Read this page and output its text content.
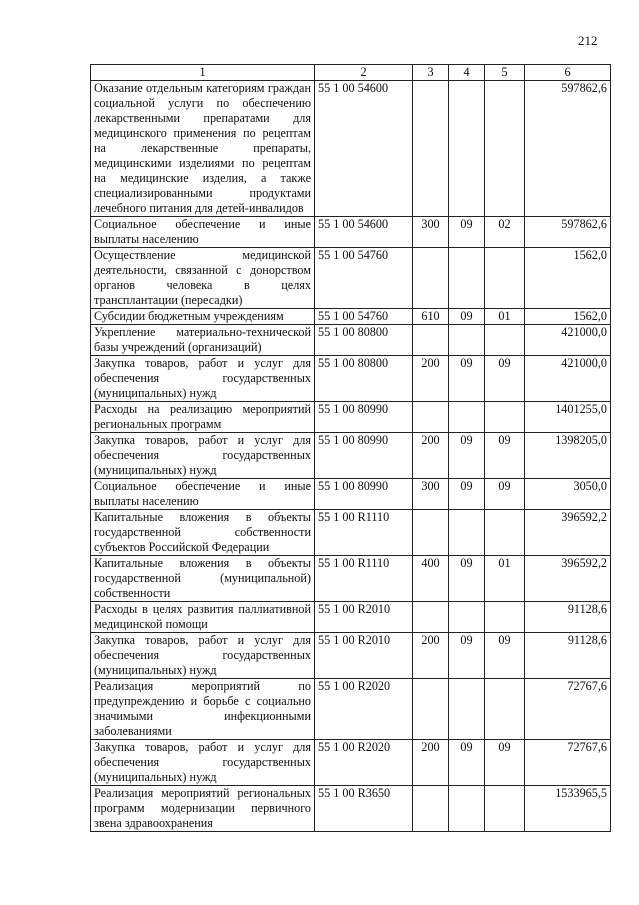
212
1	2	3	4	5	6
Оказание отдельным категориям граждан социальной услуги по обеспечению лекарственными препаратами для медицинского применения по рецептам на лекарственные препараты, медицинскими изделиями по рецептам на медицинские изделия, а также специализированными продуктами лечебного питания для детей-инвалидов	55 1 00 54600				597862,6
Социальное обеспечение и иные выплаты населению	55 1 00 54600	300	09	02	597862,6
Осуществление медицинской деятельности, связанной с донорством органов человека в целях трансплантации (пересадки)	55 1 00 54760				1562,0
Субсидии бюджетным учреждениям	55 1 00 54760	610	09	01	1562,0
Укрепление материально-технической базы учреждений (организаций)	55 1 00 80800				421000,0
Закупка товаров, работ и услуг для обеспечения государственных (муниципальных) нужд	55 1 00 80800	200	09	09	421000,0
Расходы на реализацию мероприятий региональных программ	55 1 00 80990				1401255,0
Закупка товаров, работ и услуг для обеспечения государственных (муниципальных) нужд	55 1 00 80990	200	09	09	1398205,0
Социальное обеспечение и иные выплаты населению	55 1 00 80990	300	09	09	3050,0
Капитальные вложения в объекты государственной собственности субъектов Российской Федерации	55 1 00 R1110				396592,2
Капитальные вложения в объекты государственной (муниципальной) собственности	55 1 00 R1110	400	09	01	396592,2
Расходы в целях развития паллиативной медицинской помощи	55 1 00 R2010				91128,6
Закупка товаров, работ и услуг для обеспечения государственных (муниципальных) нужд	55 1 00 R2010	200	09	09	91128,6
Реализация мероприятий по предупреждению и борьбе с социально значимыми инфекционными заболеваниями	55 1 00 R2020				72767,6
Закупка товаров, работ и услуг для обеспечения государственных (муниципальных) нужд	55 1 00 R2020	200	09	09	72767,6
Реализация мероприятий региональных программ модернизации первичного звена здравоохранения	55 1 00 R3650				1533965,5
